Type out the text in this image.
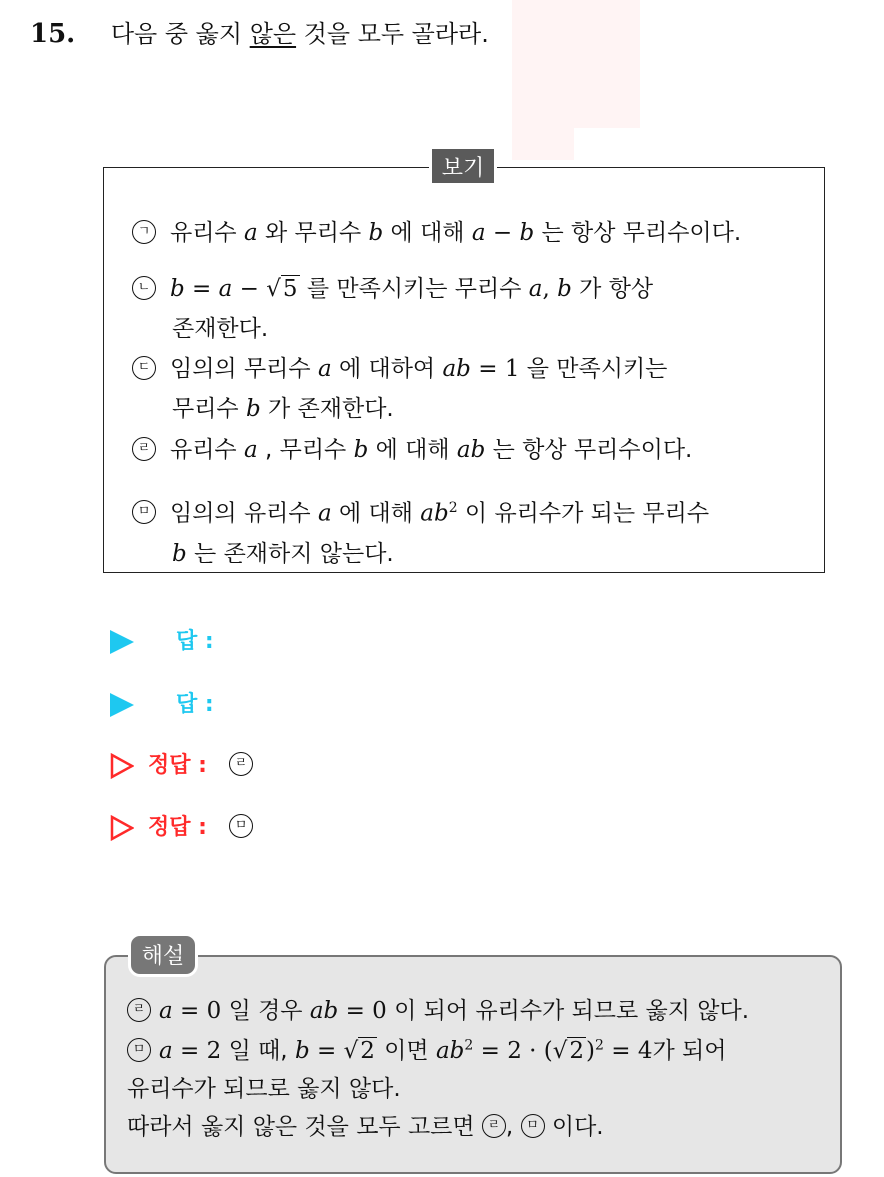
15. 다음 중 옳지 않은 것을 모두 골라라.
보기
ㄱ 유리수 a 와 무리수 b 에 대해 a − b 는 항상 무리수이다.
ㄴ b = a − √5 를 만족시키는 무리수 a, b 가 항상
존재한다.
ㄷ 임의의 무리수 a 에 대하여 ab = 1 을 만족시키는
무리수 b 가 존재한다.
ㄹ 유리수 a , 무리수 b 에 대해 ab 는 항상 무리수이다.
ㅁ 임의의 유리수 a 에 대해 $ab^2$ 이 유리수가 되는 무리수
b 는 존재하지 않는다.
답 :
답 :
정답 : ㄹ
정답 : ㅁ
해설
ㄹ a = 0 일 경우 ab = 0 이 되어 유리수가 되므로 옳지 않다.
ㅁ a = 2 일 때, b = √2 이면 $ab^2 = 2 \cdot (√2)^2 = 4$가 되어
유리수가 되므로 옳지 않다.
따라서 옳지 않은 것을 모두 고르면 ㄹ , ㅁ 이다.
